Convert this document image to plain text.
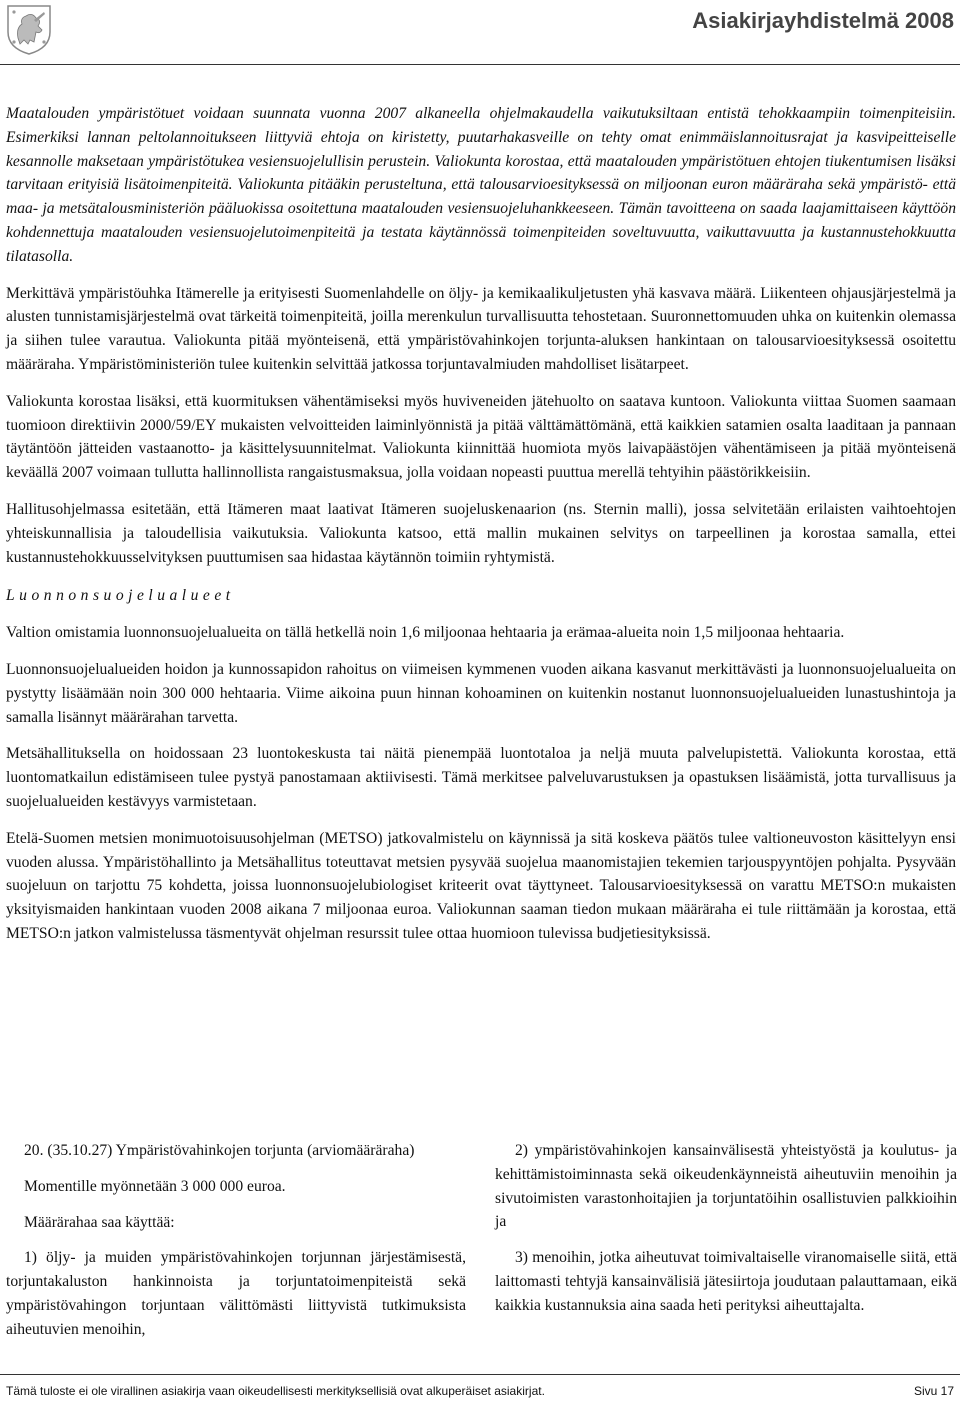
Asiakirjayhdistelmä 2008

Maatalouden ympäristötuet voidaan suunnata vuonna 2007 alkaneella ohjelmakaudella vaikutuksiltaan entistä tehokkaampiin toimenpiteisiin. Esimerkiksi lannan peltolannoitukseen liittyviä ehtoja on kiristetty, puutarhakasveille on tehty omat enimmäislannoitusrajat ja kasvipeitteiselle kesannolle maksetaan ympäristötukea vesiensuojelullisin perustein. Valiokunta korostaa, että maatalouden ympäristötuen ehtojen tiukentumisen lisäksi tarvitaan erityisiä lisätoimenpiteitä. Valiokunta pitääkin perusteltuna, että talousarvioesityksessä on miljoonan euron määräraha sekä ympäristö- että maa- ja metsätalousministeriön pääluokissa osoitettuna maatalouden vesiensuojeluhankkeeseen. Tämän tavoitteena on saada laajamittaiseen käyttöön kohdennettuja maatalouden vesiensuojelutoimenpiteitä ja testata käytännössä toimenpiteiden soveltuvuutta, vaikuttavuutta ja kustannustehokkuutta tilatasolla.

Merkittävä ympäristöuhka Itämerelle ja erityisesti Suomenlahdelle on öljy- ja kemikaalikuljetusten yhä kasvava määrä. Liikenteen ohjausjärjestelmä ja alusten tunnistamisjärjestelmä ovat tärkeitä toimenpiteitä, joilla merenkulun turvallisuutta tehostetaan. Suuronnettomuuden uhka on kuitenkin olemassa ja siihen tulee varautua. Valiokunta pitää myönteisenä, että ympäristövahinkojen torjunta-aluksen hankintaan on talousarvioesityksessä osoitettu määräraha. Ympäristöministeriön tulee kuitenkin selvittää jatkossa torjuntavalmiuden mahdolliset lisätarpeet.

Valiokunta korostaa lisäksi, että kuormituksen vähentämiseksi myös huviveneiden jätehuolto on saatava kuntoon. Valiokunta viittaa Suomen saamaan tuomioon direktiivin 2000/59/EY mukaisten velvoitteiden laiminlyönnistä ja pitää välttämättömänä, että kaikkien satamien osalta laaditaan ja pannaan täytäntöön jätteiden vastaanotto- ja käsittelysuunnitelmat. Valiokunta kiinnittää huomiota myös laivapäästöjen vähentämiseen ja pitää myönteisenä keväällä 2007 voimaan tullutta hallinnollista rangaistusmaksua, jolla voidaan nopeasti puuttua merellä tehtyihin päästörikkeisiin.

Hallitusohjelmassa esitetään, että Itämeren maat laativat Itämeren suojeluskenaarion (ns. Sternin malli), jossa selvitetään erilaisten vaihtoehtojen yhteiskunnallisia ja taloudellisia vaikutuksia. Valiokunta katsoo, että mallin mukainen selvitys on tarpeellinen ja korostaa samalla, ettei kustannustehokkuusselvityksen puuttumisen saa hidastaa käytännön toimiin ryhtymistä.

Luonnonsuojelualueet

Valtion omistamia luonnonsuojelualueita on tällä hetkellä noin 1,6 miljoonaa hehtaaria ja erämaa-alueita noin 1,5 miljoonaa hehtaaria.

Luonnonsuojelualueiden hoidon ja kunnossapidon rahoitus on viimeisen kymmenen vuoden aikana kasvanut merkittävästi ja luonnonsuojelualueita on pystytty lisäämään noin 300 000 hehtaaria. Viime aikoina puun hinnan kohoaminen on kuitenkin nostanut luonnonsuojelualueiden lunastushintoja ja samalla lisännyt määrärahan tarvetta.

Metsähallituksella on hoidossaan 23 luontokeskusta tai näitä pienempää luontotaloa ja neljä muuta palvelupistettä. Valiokunta korostaa, että luontomatkailun edistämiseen tulee pystyä panostamaan aktiivisesti. Tämä merkitsee palveluvarustuksen ja opastuksen lisäämistä, jotta turvallisuus ja suojelualueiden kestävyys varmistetaan.

Etelä-Suomen metsien monimuotoisuusohjelman (METSO) jatkovalmistelu on käynnissä ja sitä koskeva päätös tulee valtioneuvoston käsittelyyn ensi vuoden alussa. Ympäristöhallinto ja Metsähallitus toteuttavat metsien pysyvää suojelua maanomistajien tekemien tarjouspyyntöjen pohjalta. Pysyvään suojeluun on tarjottu 75 kohdetta, joissa luonnonsuojelubiologiset kriteerit ovat täyttyneet. Talousarvioesityksessä on varattu METSO:n mukaisten yksityismaiden hankintaan vuoden 2008 aikana 7 miljoonaa euroa. Valiokunnan saaman tiedon mukaan määräraha ei tule riittämään ja korostaa, että METSO:n jatkon valmistelussa täsmentyvät ohjelman resurssit tulee ottaa huomioon tulevissa budjetiesityksissä.

20. (35.10.27) Ympäristövahinkojen torjunta (arviomääräraha)

Momentille myönnetään 3 000 000 euroa.

Määrärahaa saa käyttää:

1) öljy- ja muiden ympäristövahinkojen torjunnan järjestämisestä, torjuntakaluston hankinnoista ja torjuntatoimenpiteistä sekä ympäristövahingon torjuntaan välittömästi liittyvistä tutkimuksista aiheutuvien menoihin,

2) ympäristövahinkojen kansainvälisestä yhteistyöstä ja koulutus- ja kehittämistoiminnasta sekä oikeudenkäynneistä aiheutuviin menoihin ja sivutoimisten varastonhoitajien ja torjuntatöihin osallistuvien palkkioihin ja

3) menoihin, jotka aiheutuvat toimivaltaiselle viranomaiselle siitä, että laittomasti tehtyjä kansainvälisiä jätesiirtoja joudutaan palauttamaan, eikä kaikkia kustannuksia aina saada heti perityksi aiheuttajalta.

Tämä tuloste ei ole virallinen asiakirja vaan oikeudellisesti merkityksellisiä ovat alkuperäiset asiakirjat.	Sivu 17
